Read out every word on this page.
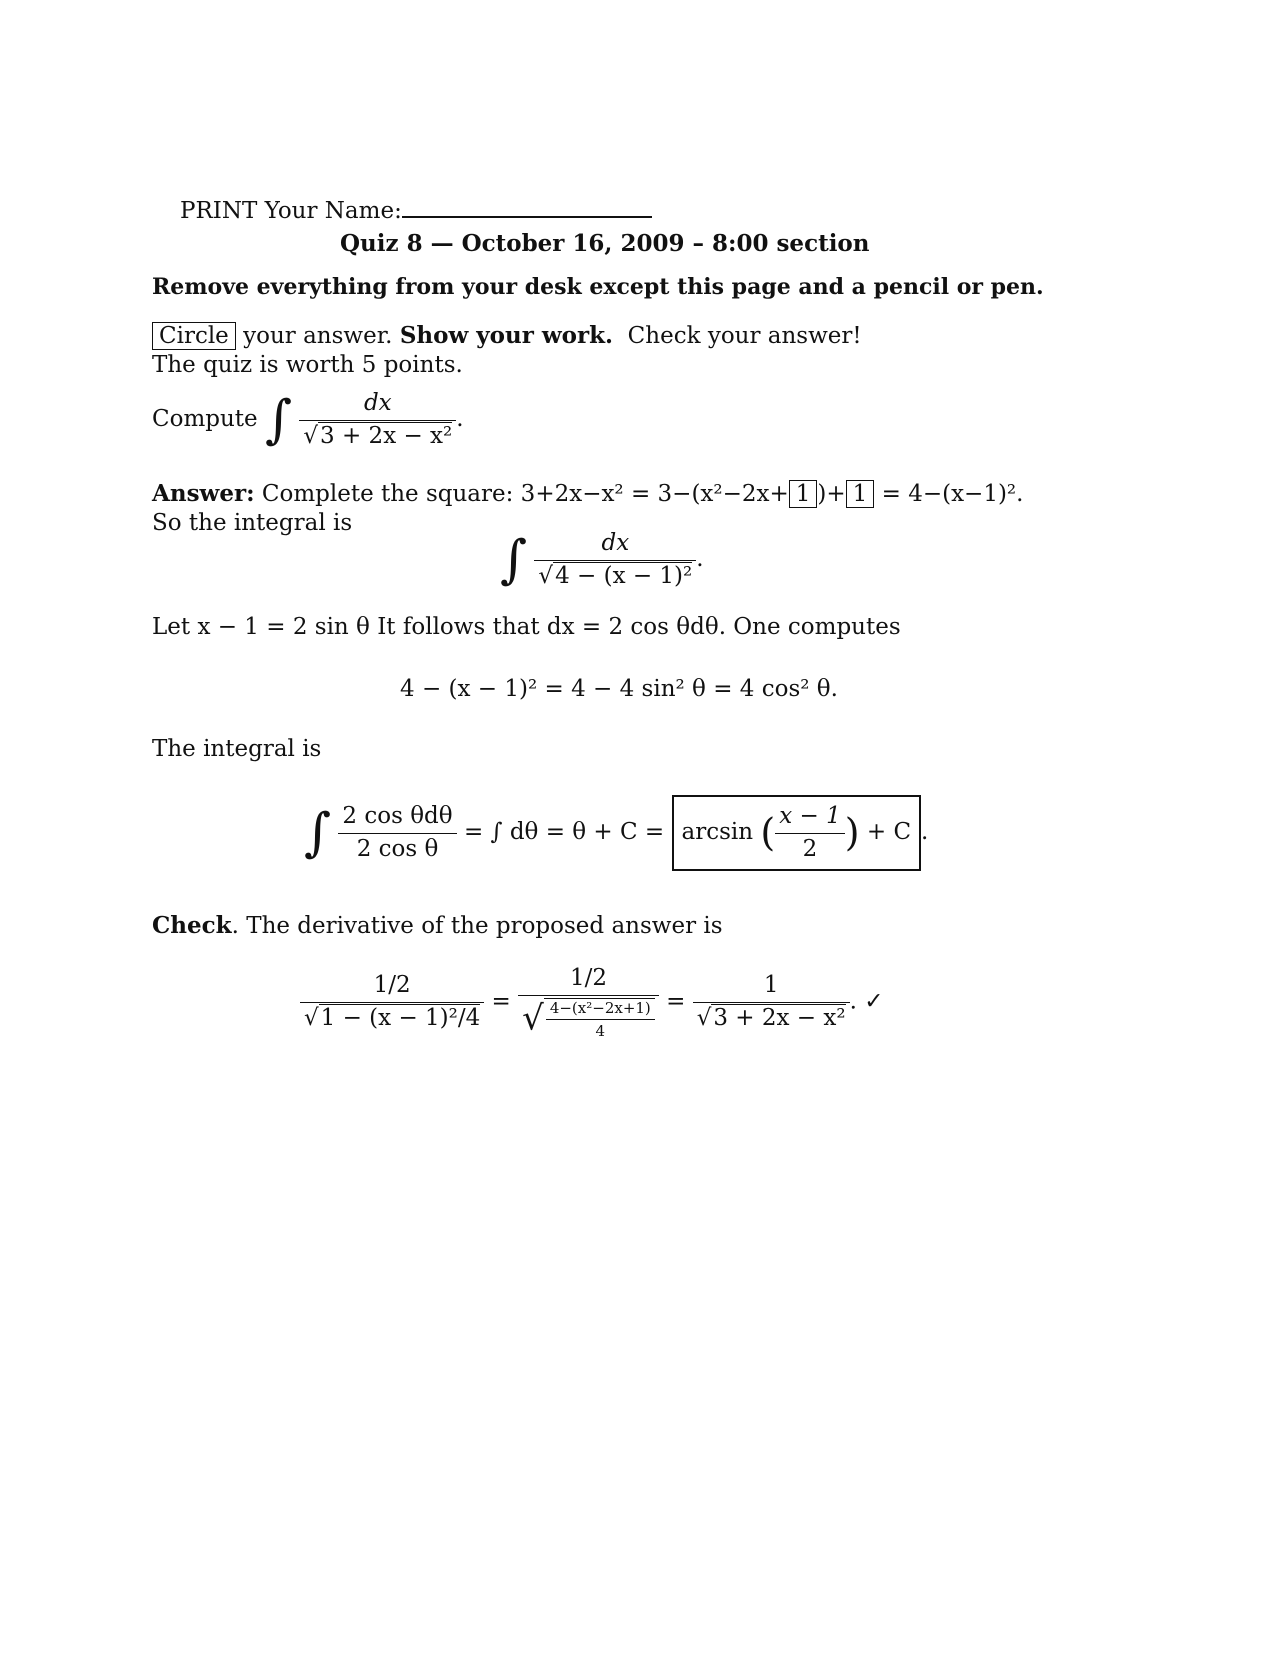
PRINT Your Name:
Quiz 8 — October 16, 2009 – 8:00 section
Remove everything from your desk except this page and a pencil or pen.
Circle your answer. Show your work. Check your answer!
The quiz is worth 5 points.
Compute ∫ $\frac{dx}{\text{√3 + 2x − x²}}$ .
Answer: Complete the square: 3+2x−x² = 3−(x²−2x+ 1 )+ 1 = 4−(x−1)².
So the integral is
∫ $\frac{dx}{\text{√4 − (x − 1)²}}$ .
Let x − 1 = 2 sin θ It follows that dx = 2 cos θdθ. One computes
4 − (x − 1)² = 4 − 4 sin² θ = 4 cos² θ.
The integral is
∫ $\frac{\text{2 cos θdθ}}{\text{2 cos θ}}$ = ∫ dθ = θ + C = arcsin ( $\frac{x - 1}{2}$ ) + C .
Check. The derivative of the proposed answer is
$\frac{1/2}{\text{√1 − (x − 1)²/4}} = \frac{1/2}{√ \frac{\text{4−(x²−2x+1)}}{4}} = \frac{1}{\text{√3 + 2x − x²}}$ . ✓
